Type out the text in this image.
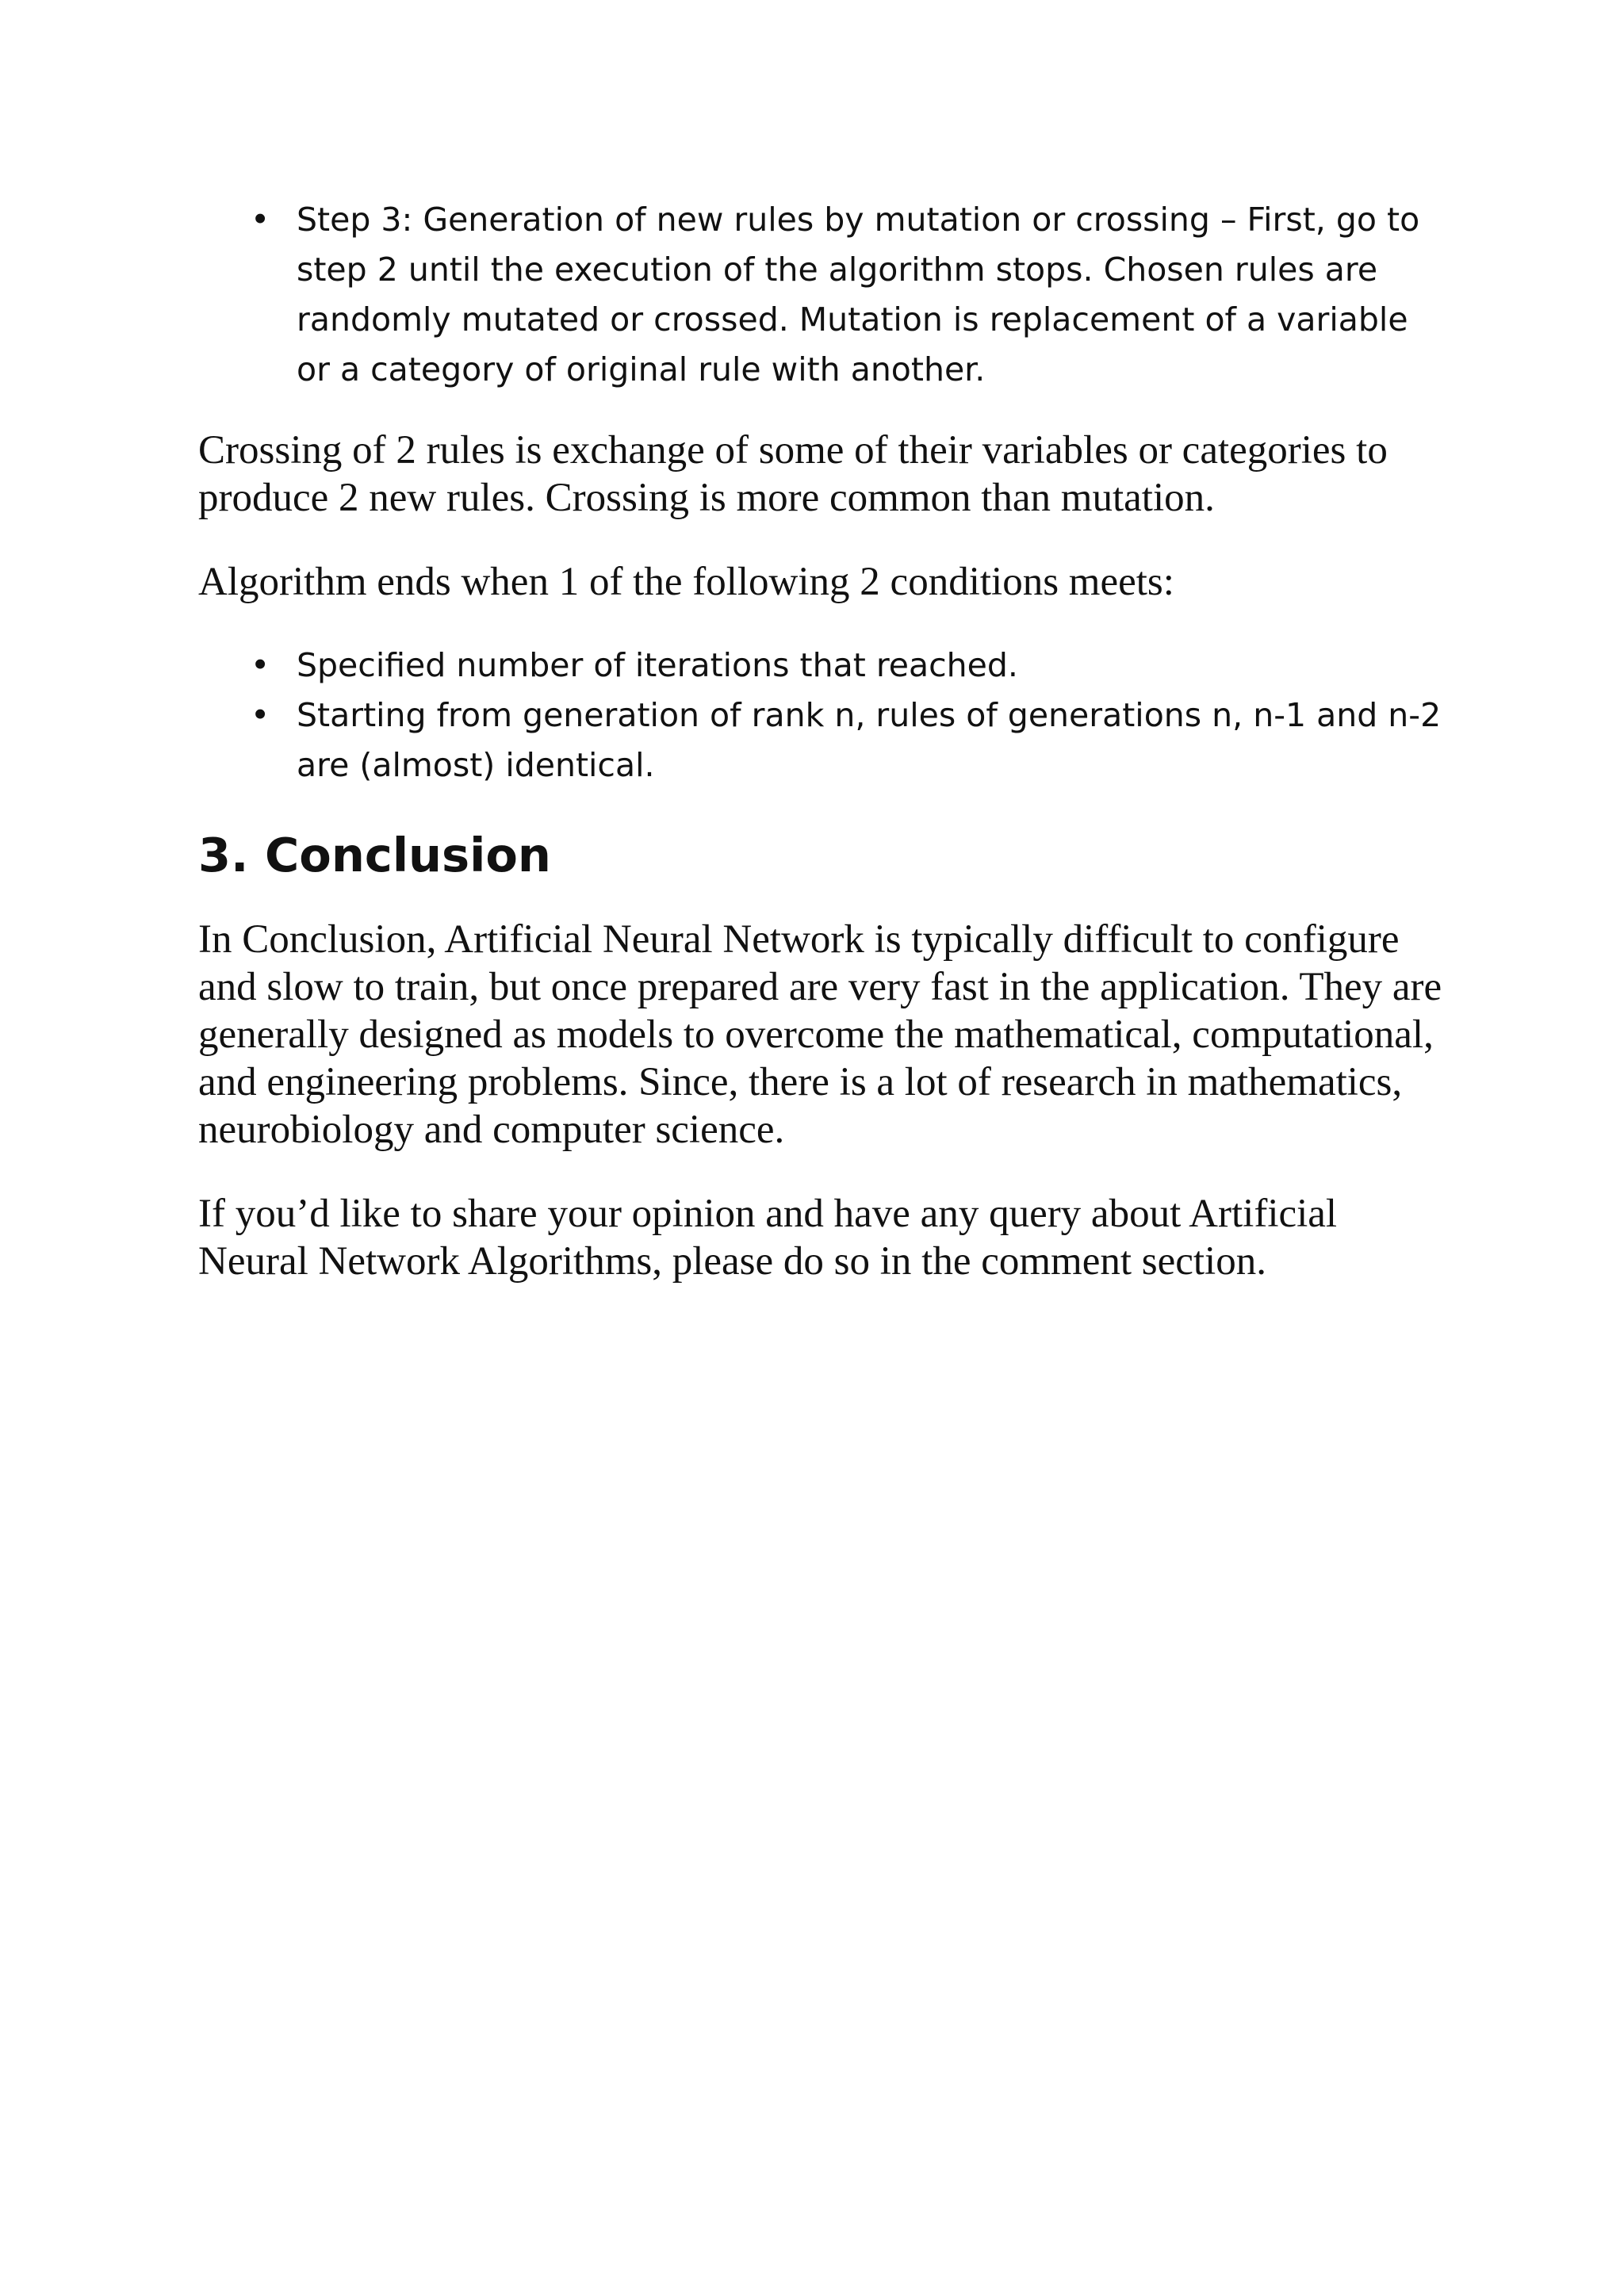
• Step 3: Generation of new rules by mutation or crossing – First, go to step 2 until the execution of the algorithm stops. Chosen rules are randomly mutated or crossed. Mutation is replacement of a variable or a category of original rule with another.

Crossing of 2 rules is exchange of some of their variables or categories to produce 2 new rules. Crossing is more common than mutation.

Algorithm ends when 1 of the following 2 conditions meets:

• Specified number of iterations that reached.
• Starting from generation of rank n, rules of generations n, n-1 and n-2 are (almost) identical.
3. Conclusion

In Conclusion, Artificial Neural Network is typically difficult to configure and slow to train, but once prepared are very fast in the application. They are generally designed as models to overcome the mathematical, computational, and engineering problems. Since, there is a lot of research in mathematics, neurobiology and computer science.

If you’d like to share your opinion and have any query about Artificial Neural Network Algorithms, please do so in the comment section.
